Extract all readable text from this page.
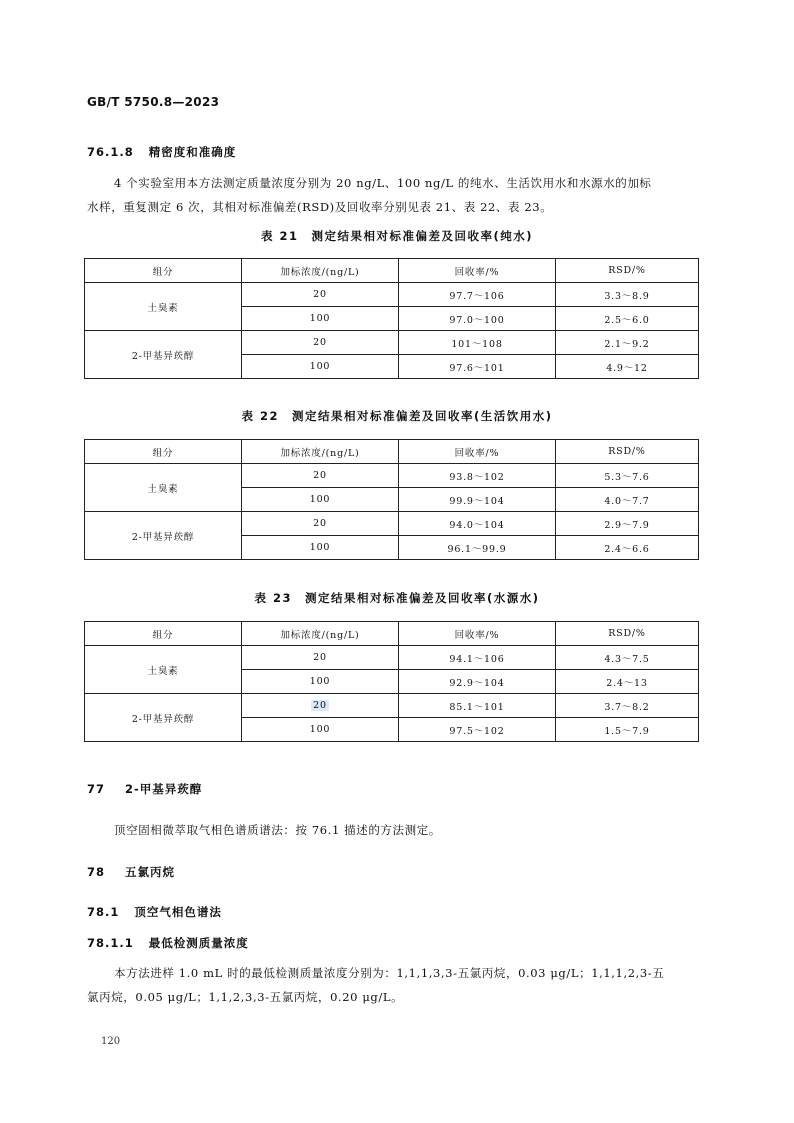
GB/T 5750.8—2023
76.1.8 精密度和准确度
4 个实验室用本方法测定质量浓度分别为 20 ng/L、100 ng/L 的纯水、生活饮用水和水源水的加标
水样，重复测定 6 次，其相对标准偏差(RSD)及回收率分别见表 21、表 22、表 23。
表 21　测定结果相对标准偏差及回收率(纯水)
组分	加标浓度/(ng/L)	回收率/%	RSD/%
土臭素	20	97.7～106	3.3～8.9
	100	97.0～100	2.5～6.0
2-甲基异莰醇	20	101～108	2.1～9.2
	100	97.6～101	4.9～12
表 22　测定结果相对标准偏差及回收率(生活饮用水)
组分	加标浓度/(ng/L)	回收率/%	RSD/%
土臭素	20	93.8～102	5.3～7.6
	100	99.9～104	4.0～7.7
2-甲基异莰醇	20	94.0～104	2.9～7.9
	100	96.1～99.9	2.4～6.6
表 23　测定结果相对标准偏差及回收率(水源水)
组分	加标浓度/(ng/L)	回收率/%	RSD/%
土臭素	20	94.1～106	4.3～7.5
	100	92.9～104	2.4～13
2-甲基异莰醇	20	85.1～101	3.7～8.2
	100	97.5～102	1.5～7.9
77 2-甲基异莰醇
顶空固相微萃取气相色谱质谱法：按 76.1 描述的方法测定。
78 五氯丙烷
78.1 顶空气相色谱法
78.1.1 最低检测质量浓度
本方法进样 1.0 mL 时的最低检测质量浓度分别为：1,1,1,3,3-五氯丙烷，0.03 μg/L；1,1,1,2,3-五
氯丙烷，0.05 μg/L；1,1,2,3,3-五氯丙烷，0.20 μg/L。
120
